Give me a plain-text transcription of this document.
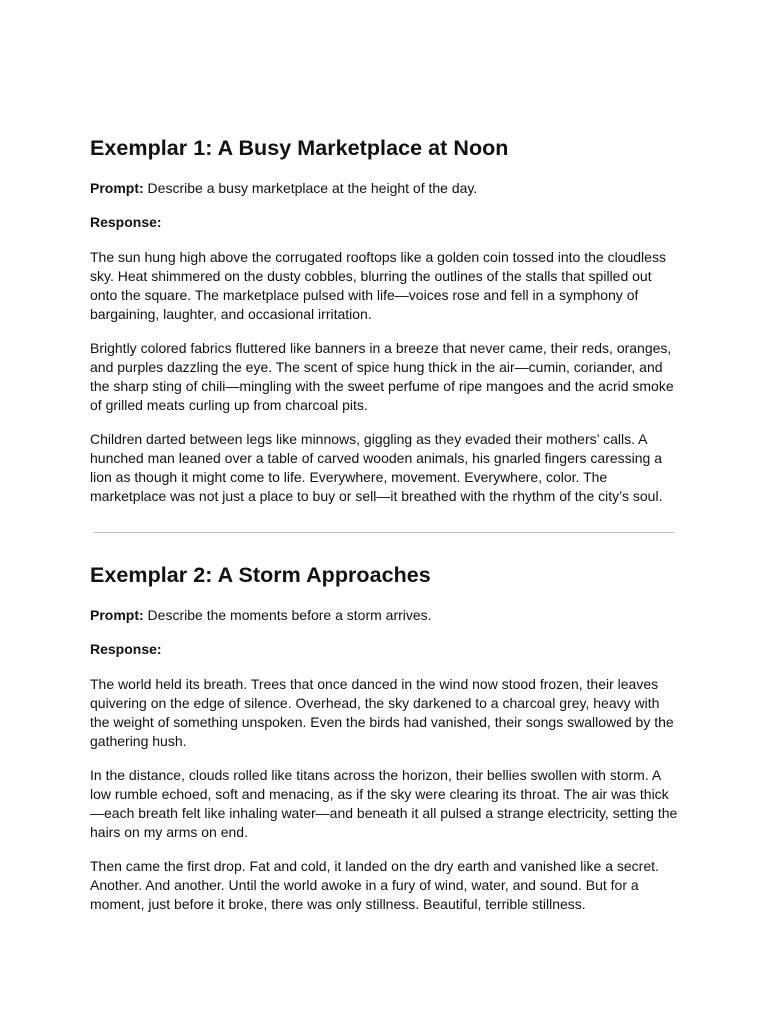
Exemplar 1: A Busy Marketplace at Noon

Prompt: Describe a busy marketplace at the height of the day.

Response:

The sun hung high above the corrugated rooftops like a golden coin tossed into the cloudless sky. Heat shimmered on the dusty cobbles, blurring the outlines of the stalls that spilled out onto the square. The marketplace pulsed with life—voices rose and fell in a symphony of bargaining, laughter, and occasional irritation.

Brightly colored fabrics fluttered like banners in a breeze that never came, their reds, oranges, and purples dazzling the eye. The scent of spice hung thick in the air—cumin, coriander, and the sharp sting of chili—mingling with the sweet perfume of ripe mangoes and the acrid smoke of grilled meats curling up from charcoal pits.

Children darted between legs like minnows, giggling as they evaded their mothers’ calls. A hunched man leaned over a table of carved wooden animals, his gnarled fingers caressing a lion as though it might come to life. Everywhere, movement. Everywhere, color. The marketplace was not just a place to buy or sell—it breathed with the rhythm of the city’s soul.

Exemplar 2: A Storm Approaches

Prompt: Describe the moments before a storm arrives.

Response:

The world held its breath. Trees that once danced in the wind now stood frozen, their leaves quivering on the edge of silence. Overhead, the sky darkened to a charcoal grey, heavy with the weight of something unspoken. Even the birds had vanished, their songs swallowed by the gathering hush.

In the distance, clouds rolled like titans across the horizon, their bellies swollen with storm. A low rumble echoed, soft and menacing, as if the sky were clearing its throat. The air was thick—each breath felt like inhaling water—and beneath it all pulsed a strange electricity, setting the hairs on my arms on end.

Then came the first drop. Fat and cold, it landed on the dry earth and vanished like a secret. Another. And another. Until the world awoke in a fury of wind, water, and sound. But for a moment, just before it broke, there was only stillness. Beautiful, terrible stillness.
